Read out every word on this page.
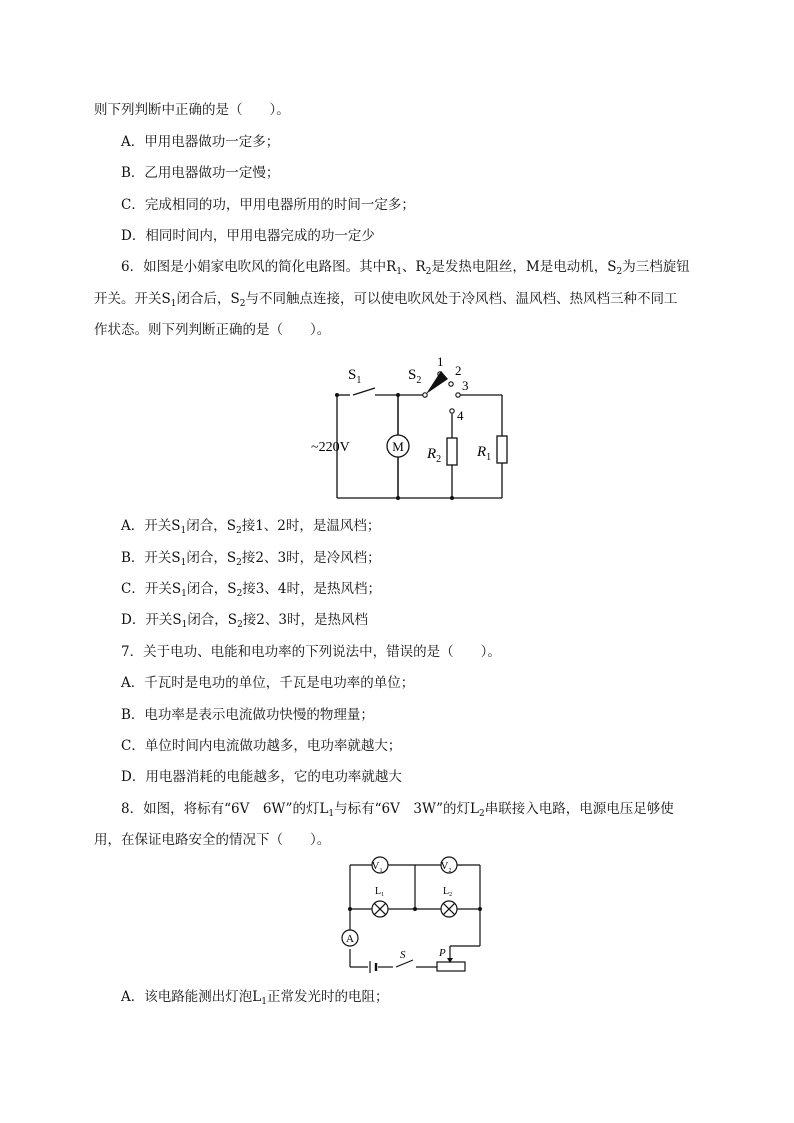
则下列判断中正确的是（　　）。
A．甲用电器做功一定多；
B．乙用电器做功一定慢；
C．完成相同的功，甲用电器所用的时间一定多；
D．相同时间内，甲用电器完成的功一定少
6．如图是小娟家电吹风的简化电路图。其中$R_1$、$R_2$是发热电阻丝，M是电动机，$S_2$为三档旋钮
开关。开关$S_1$闭合后，$S_2$与不同触点连接，可以使电吹风处于冷风档、温风档、热风档三种不同工
作状态。则下列判断正确的是（　　）。
M
$S_1$	$S_2$
1
2
3
4
~220V	$R_2$ $R_1$
A．开关$S_1$闭合，$S_2$接1、2时，是温风档；
B．开关$S_1$闭合，$S_2$接2、3时，是冷风档；
C．开关$S_1$闭合，$S_2$接3、4时，是热风档；
D．开关$S_1$闭合，$S_2$接2、3时，是热风档
7．关于电功、电能和电功率的下列说法中，错误的是（　　）。
A．千瓦时是电功的单位，千瓦是电功率的单位；
B．电功率是表示电流做功快慢的物理量；
C．单位时间内电流做功越多，电功率就越大；
D．用电器消耗的电能越多，它的电功率就越大
8．如图，将标有“6V　6W”的灯$L_1$与标有“6V　3W”的灯$L_2$串联接入电路，电源电压足够使
用，在保证电路安全的情况下（　　）。
$V_1$	$V_2$
$L_1$	$L_2$
A
S	P
A．该电路能测出灯泡$L_1$正常发光时的电阻；
